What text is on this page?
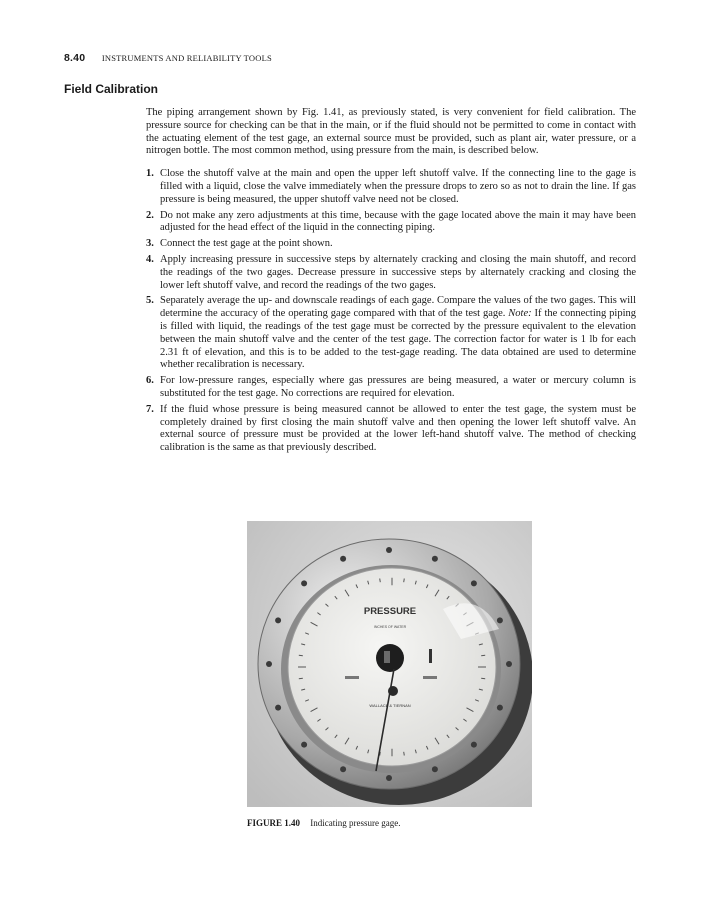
8.40 INSTRUMENTS AND RELIABILITY TOOLS
Field Calibration

The piping arrangement shown by Fig. 1.41, as previously stated, is very convenient for field calibration. The pressure source for checking can be that in the main, or if the fluid should not be permitted to come in contact with the actuating element of the test gage, an external source must be provided, such as plant air, water pressure, or a nitrogen bottle. The most common method, using pressure from the main, is described below.

1. Close the shutoff valve at the main and open the upper left shutoff valve. If the connecting line to the gage is filled with a liquid, close the valve immediately when the pressure drops to zero so as not to drain the line. If gas pressure is being measured, the upper shutoff valve need not be closed.
2. Do not make any zero adjustments at this time, because with the gage located above the main it may have been adjusted for the head effect of the liquid in the connecting piping.
3. Connect the test gage at the point shown.
4. Apply increasing pressure in successive steps by alternately cracking and closing the main shutoff, and record the readings of the two gages. Decrease pressure in successive steps by alternately cracking and closing the lower left shutoff valve, and record the readings of the two gages.
5. Separately average the up- and downscale readings of each gage. Compare the values of the two gages. This will determine the accuracy of the operating gage compared with that of the test gage. Note: If the connecting piping is filled with liquid, the readings of the test gage must be corrected by the pressure equivalent to the elevation between the main shutoff valve and the center of the test gage. The correction factor for water is 1 lb for each 2.31 ft of elevation, and this is to be added to the test-gage reading. The data obtained are used to determine whether recalibration is necessary.
6. For low-pressure ranges, especially where gas pressures are being measured, a water or mercury column is substituted for the test gage. No corrections are required for elevation.
7. If the fluid whose pressure is being measured cannot be allowed to enter the test gage, the system must be completely drained by first closing the main shutoff valve and then opening the lower left shutoff valve. An external source of pressure must be provided at the lower left-hand shutoff valve. The method of checking calibration is the same as that previously described.
PRESSURE
INCHES OF WATER
WALLACE & TIERNAN
FIGURE 1.40 Indicating pressure gage.
